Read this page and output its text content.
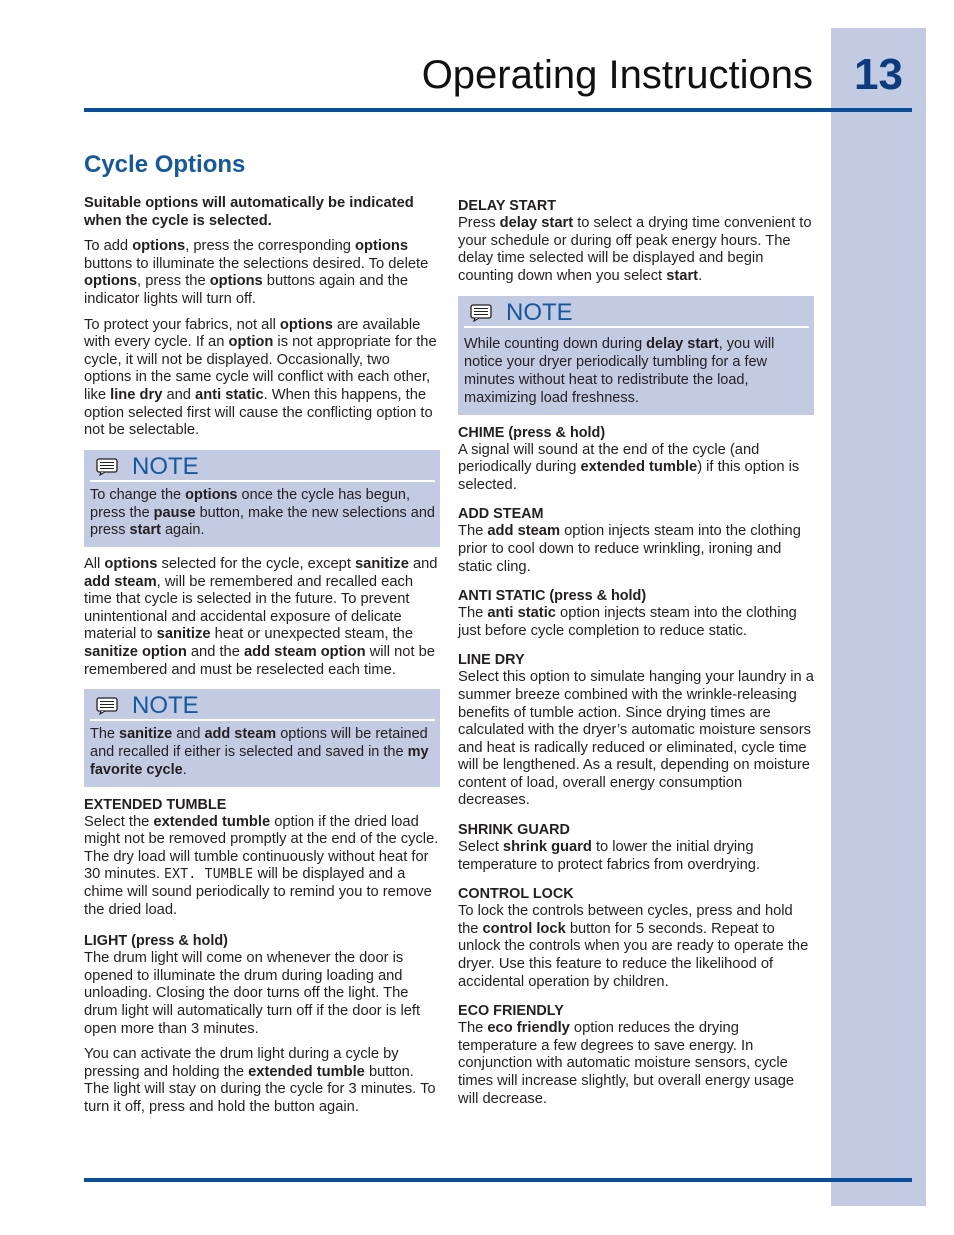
13
Operating Instructions
Cycle Options

Suitable options will automatically be indicated when the cycle is selected.

To add options, press the corresponding options buttons to illuminate the selections desired. To delete options, press the options buttons again and the indicator lights will turn off.

To protect your fabrics, not all options are available with every cycle. If an option is not appropriate for the cycle, it will not be displayed. Occasionally, two options in the same cycle will conflict with each other, like line dry and anti static. When this happens, the option selected first will cause the conflicting option to not be selectable.

NOTE
To change the options once the cycle has begun, press the pause button, make the new selections and press start again.

All options selected for the cycle, except sanitize and add steam, will be remembered and recalled each time that cycle is selected in the future. To prevent unintentional and accidental exposure of delicate material to sanitize heat or unexpected steam, the sanitize option and the add steam option will not be remembered and must be reselected each time.

NOTE
The sanitize and add steam options will be retained and recalled if either is selected and saved in the my favorite cycle.
EXTENDED TUMBLE

Select the extended tumble option if the dried load might not be removed promptly at the end of the cycle. The dry load will tumble continuously without heat for 30 minutes. EXT. TUMBLE will be displayed and a chime will sound periodically to remind you to remove the dried load.

LIGHT (press & hold)

The drum light will come on whenever the door is opened to illuminate the drum during loading and unloading. Closing the door turns off the light. The drum light will automatically turn off if the door is left open more than 3 minutes.

You can activate the drum light during a cycle by pressing and holding the extended tumble button. The light will stay on during the cycle for 3 minutes. To turn it off, press and hold the button again.

DELAY START

Press delay start to select a drying time convenient to your schedule or during off peak energy hours. The delay time selected will be displayed and begin counting down when you select start.

NOTE
While counting down during delay start, you will notice your dryer periodically tumbling for a few minutes without heat to redistribute the load, maximizing load freshness.
CHIME (press & hold)

A signal will sound at the end of the cycle (and periodically during extended tumble) if this option is selected.

ADD STEAM

The add steam option injects steam into the clothing prior to cool down to reduce wrinkling, ironing and static cling.

ANTI STATIC (press & hold)

The anti static option injects steam into the clothing just before cycle completion to reduce static.

LINE DRY

Select this option to simulate hanging your laundry in a summer breeze combined with the wrinkle-releasing benefits of tumble action. Since drying times are calculated with the dryer’s automatic moisture sensors and heat is radically reduced or eliminated, cycle time will be lengthened. As a result, depending on moisture content of load, overall energy consumption decreases.

SHRINK GUARD

Select shrink guard to lower the initial drying temperature to protect fabrics from overdrying.

CONTROL LOCK

To lock the controls between cycles, press and hold the control lock button for 5 seconds. Repeat to unlock the controls when you are ready to operate the dryer. Use this feature to reduce the likelihood of accidental operation by children.

ECO FRIENDLY

The eco friendly option reduces the drying temperature a few degrees to save energy. In conjunction with automatic moisture sensors, cycle times will increase slightly, but overall energy usage will decrease.
